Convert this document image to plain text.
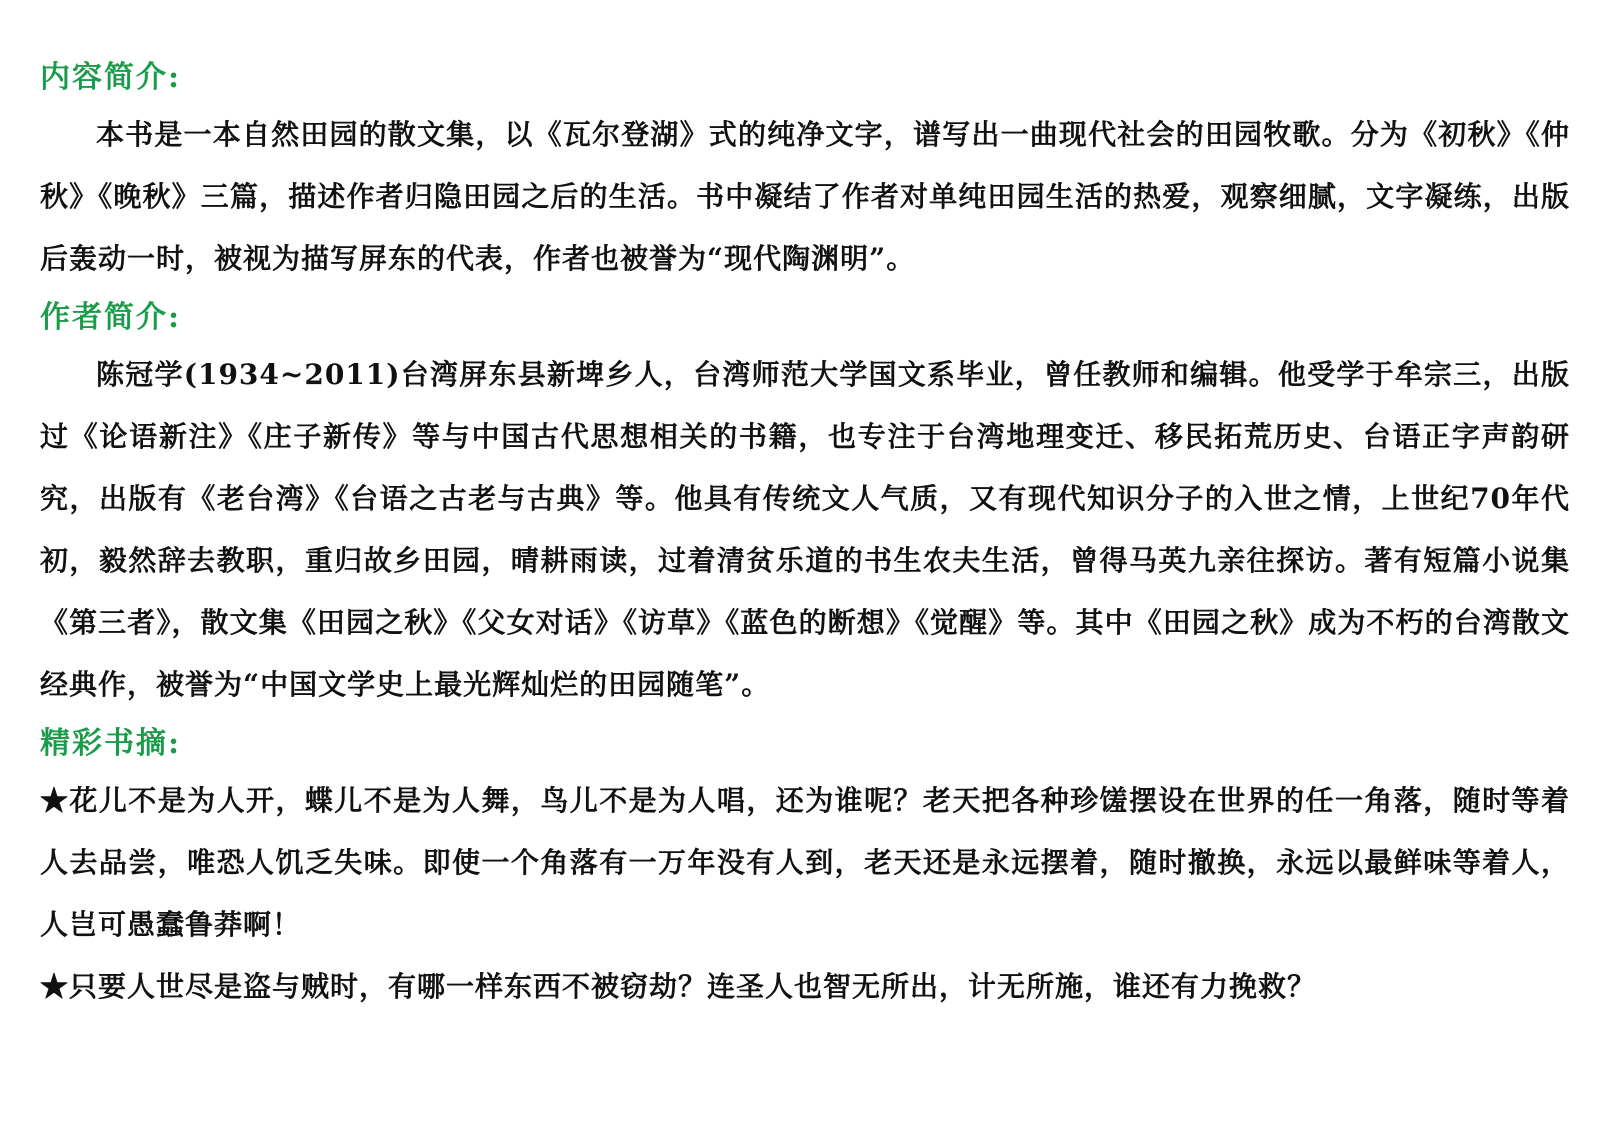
内容简介:

本书是一本自然田园的散文集，以《瓦尔登湖》式的纯净文字，谱写出一曲现代社会的田园牧歌。分为《初秋》《仲秋》《晚秋》三篇，描述作者归隐田园之后的生活。书中凝结了作者对单纯田园生活的热爱，观察细腻，文字凝练，出版后轰动一时，被视为描写屏东的代表，作者也被誉为“现代陶渊明”。

作者简介:

陈冠学(1934~2011)台湾屏东县新埤乡人，台湾师范大学国文系毕业，曾任教师和编辑。他受学于牟宗三，出版过《论语新注》《庄子新传》等与中国古代思想相关的书籍，也专注于台湾地理变迁、移民拓荒历史、台语正字声韵研究，出版有《老台湾》《台语之古老与古典》等。他具有传统文人气质，又有现代知识分子的入世之情，上世纪70年代初，毅然辞去教职，重归故乡田园，晴耕雨读，过着清贫乐道的书生农夫生活，曾得马英九亲往探访。著有短篇小说集《第三者》，散文集《田园之秋》《父女对话》《访草》《蓝色的断想》《觉醒》等。其中《田园之秋》成为不朽的台湾散文经典作，被誉为“中国文学史上最光辉灿烂的田园随笔”。

精彩书摘:

★花儿不是为人开，蝶儿不是为人舞，鸟儿不是为人唱，还为谁呢？老天把各种珍馐摆设在世界的任一角落，随时等着人去品尝，唯恐人饥乏失味。即使一个角落有一万年没有人到，老天还是永远摆着，随时撤换，永远以最鲜味等着人，人岂可愚蠢鲁莽啊！

★只要人世尽是盗与贼时，有哪一样东西不被窃劫？连圣人也智无所出，计无所施，谁还有力挽救？
